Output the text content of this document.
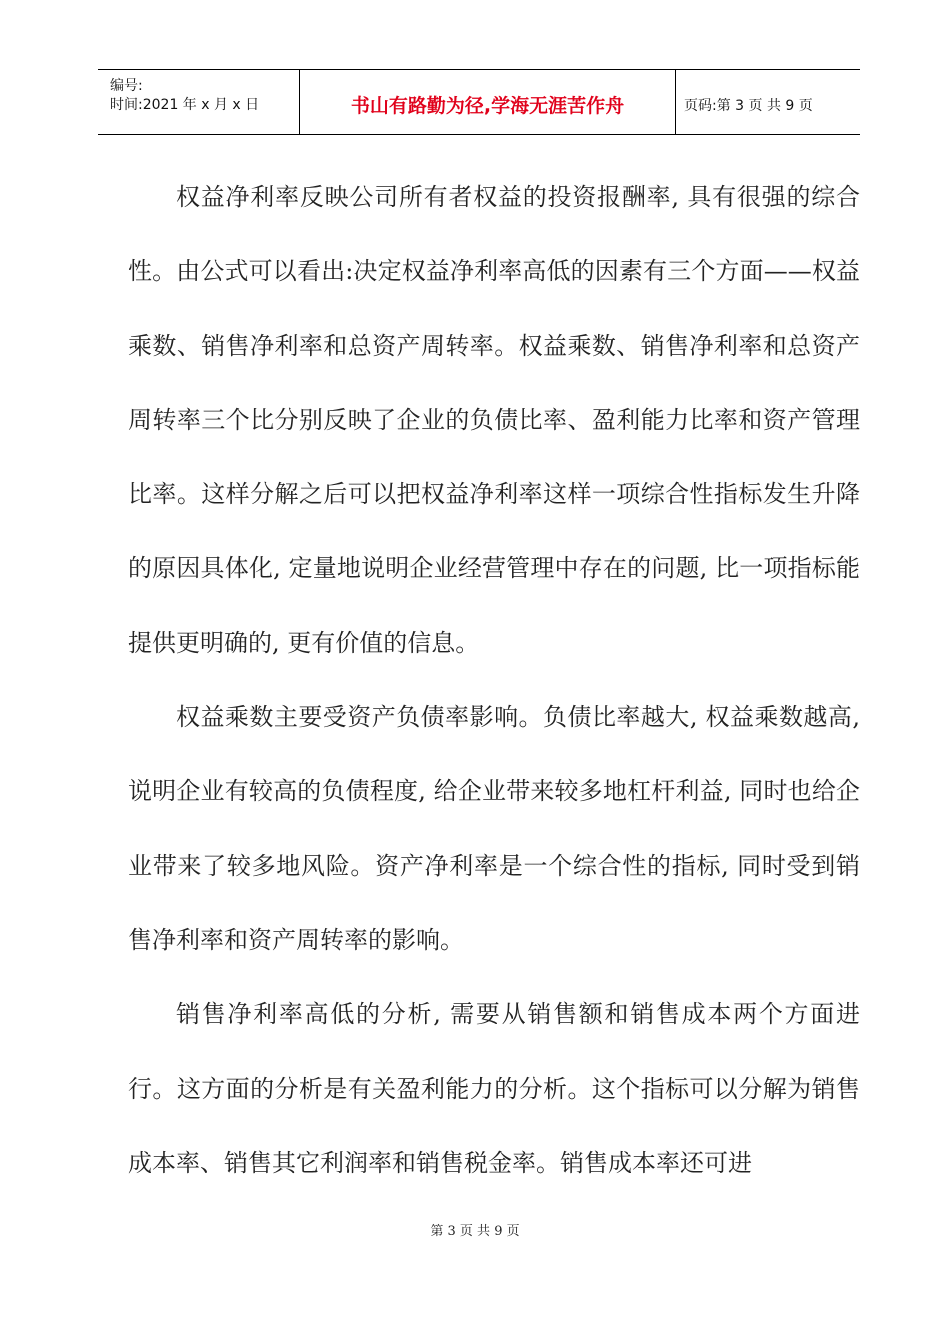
编号:
时间:2021 年 x 月 x 日	书山有路勤为径,学海无涯苦作舟	页码:第 3 页 共 9 页

权益净利率反映公司所有者权益的投资报酬率, 具有很强的综合性。由公式可以看出:决定权益净利率高低的因素有三个方面——权益乘数、销售净利率和总资产周转率。权益乘数、销售净利率和总资产周转率三个比分别反映了企业的负债比率、盈利能力比率和资产管理比率。这样分解之后可以把权益净利率这样一项综合性指标发生升降的原因具体化, 定量地说明企业经营管理中存在的问题, 比一项指标能提供更明确的, 更有价值的信息。

权益乘数主要受资产负债率影响。负债比率越大, 权益乘数越高, 说明企业有较高的负债程度, 给企业带来较多地杠杆利益, 同时也给企业带来了较多地风险。资产净利率是一个综合性的指标, 同时受到销售净利率和资产周转率的影响。

销售净利率高低的分析, 需要从销售额和销售成本两个方面进行。这方面的分析是有关盈利能力的分析。这个指标可以分解为销售成本率、销售其它利润率和销售税金率。销售成本率还可进

第 3 页 共 9 页
